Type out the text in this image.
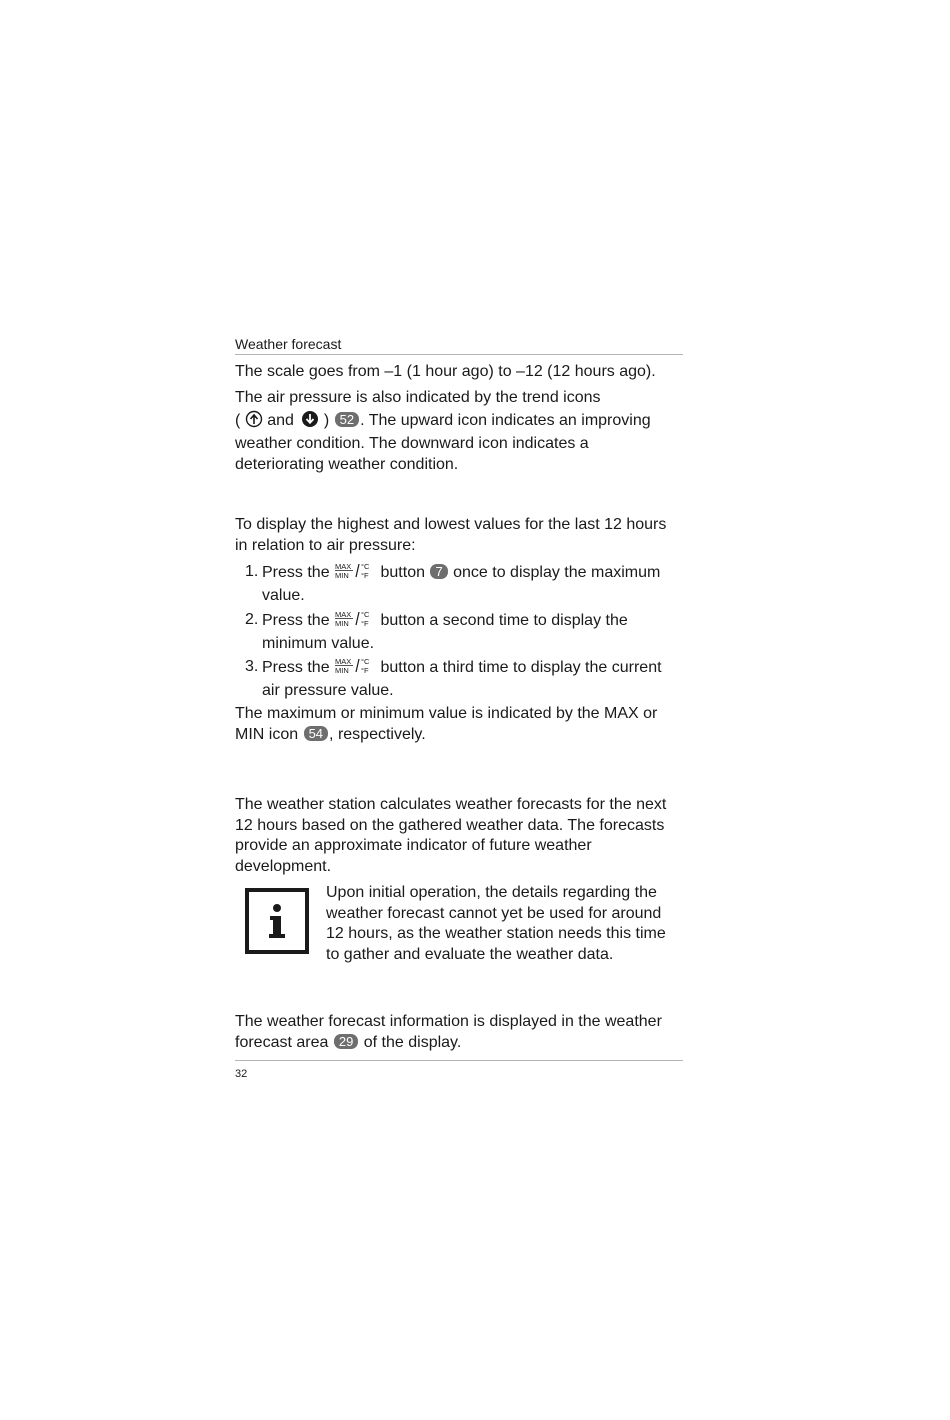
Weather forecast
The scale goes from –1 (1 hour ago) to –12 (12 hours ago).
The air pressure is also indicated by the trend icons
( and ) 52 . The upward icon indicates an improving
weather condition. The downward icon indicates a
deteriorating weather condition.
To display the highest and lowest values for the last 12 hours in relation to air pressure:
1. Press the MAX
MIN
°C
°F button 7 once to display the maximum value.
2. Press the MAX
MIN
°C
°F button a second time to display the minimum value.
3. Press the MAX
MIN
°C
°F button a third time to display the current air pressure value.
The maximum or minimum value is indicated by the MAX or MIN icon 54 , respectively.
The weather station calculates weather forecasts for the next 12 hours based on the gathered weather data. The forecasts provide an approximate indicator of future weather development.
Upon initial operation, the details regarding the weather forecast cannot yet be used for around 12 hours, as the weather station needs this time to gather and evaluate the weather data.
The weather forecast information is displayed in the weather forecast area 29 of the display.
32
